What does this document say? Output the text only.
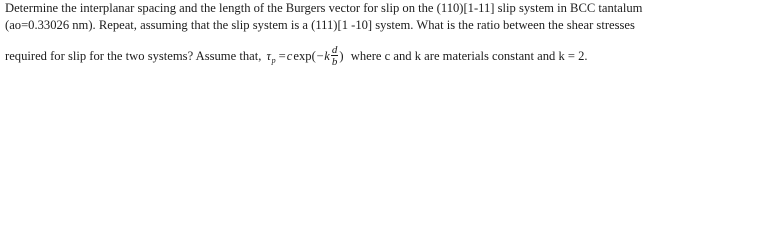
Determine the interplanar spacing and the length of the Burgers vector for slip on the (110)[1-11] slip system in BCC tantalum
(ao=0.33026 nm). Repeat, assuming that the slip system is a (111)[1 -10] system. What is the ratio between the shear stresses
required for slip for the two systems? Assume that, τ p =
  c
  $\exp( -k \frac{d}{b}$ ) where c and k are materials constant and k = 2.
